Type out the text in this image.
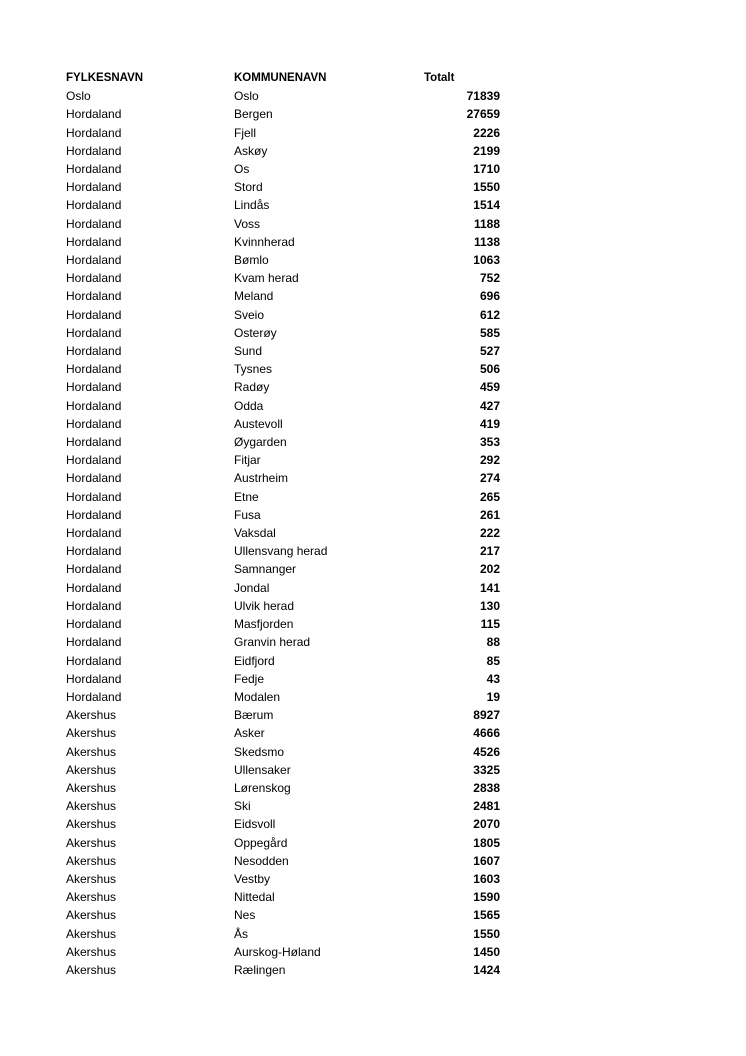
FYLKESNAVN	KOMMUNENAVN	Totalt
Oslo	Oslo	71839
Hordaland	Bergen	27659
Hordaland	Fjell	2226
Hordaland	Askøy	2199
Hordaland	Os	1710
Hordaland	Stord	1550
Hordaland	Lindås	1514
Hordaland	Voss	1188
Hordaland	Kvinnherad	1138
Hordaland	Bømlo	1063
Hordaland	Kvam herad	752
Hordaland	Meland	696
Hordaland	Sveio	612
Hordaland	Osterøy	585
Hordaland	Sund	527
Hordaland	Tysnes	506
Hordaland	Radøy	459
Hordaland	Odda	427
Hordaland	Austevoll	419
Hordaland	Øygarden	353
Hordaland	Fitjar	292
Hordaland	Austrheim	274
Hordaland	Etne	265
Hordaland	Fusa	261
Hordaland	Vaksdal	222
Hordaland	Ullensvang herad	217
Hordaland	Samnanger	202
Hordaland	Jondal	141
Hordaland	Ulvik herad	130
Hordaland	Masfjorden	115
Hordaland	Granvin herad	88
Hordaland	Eidfjord	85
Hordaland	Fedje	43
Hordaland	Modalen	19
Akershus	Bærum	8927
Akershus	Asker	4666
Akershus	Skedsmo	4526
Akershus	Ullensaker	3325
Akershus	Lørenskog	2838
Akershus	Ski	2481
Akershus	Eidsvoll	2070
Akershus	Oppegård	1805
Akershus	Nesodden	1607
Akershus	Vestby	1603
Akershus	Nittedal	1590
Akershus	Nes	1565
Akershus	Ås	1550
Akershus	Aurskog-Høland	1450
Akershus	Rælingen	1424
